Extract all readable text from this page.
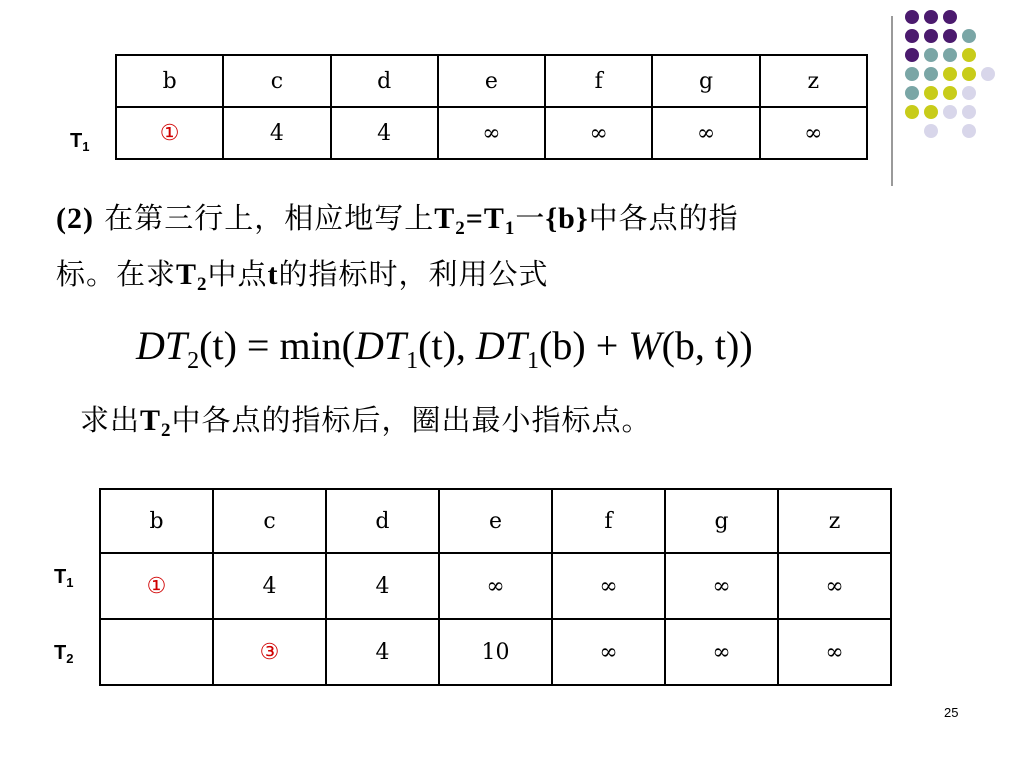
$T_1$
b	c	d	e	f	g	z
①	4	4	∞	∞	∞	∞
(2) 在第三行上，相应地写上$T_2=T_1$一{b}中各点的指
标。在求$T_2$中点t的指标时，利用公式
$DT_2(t) = \min(DT_1(t)$, $DT_1(b) + W(b$, t))
求出$T_2$中各点的指标后，圈出最小指标点。
$T_1$
$T_2$
b	c	d	e	f	g	z
①	4	4	∞	∞	∞	∞
	③	4	10	∞	∞	∞
25
